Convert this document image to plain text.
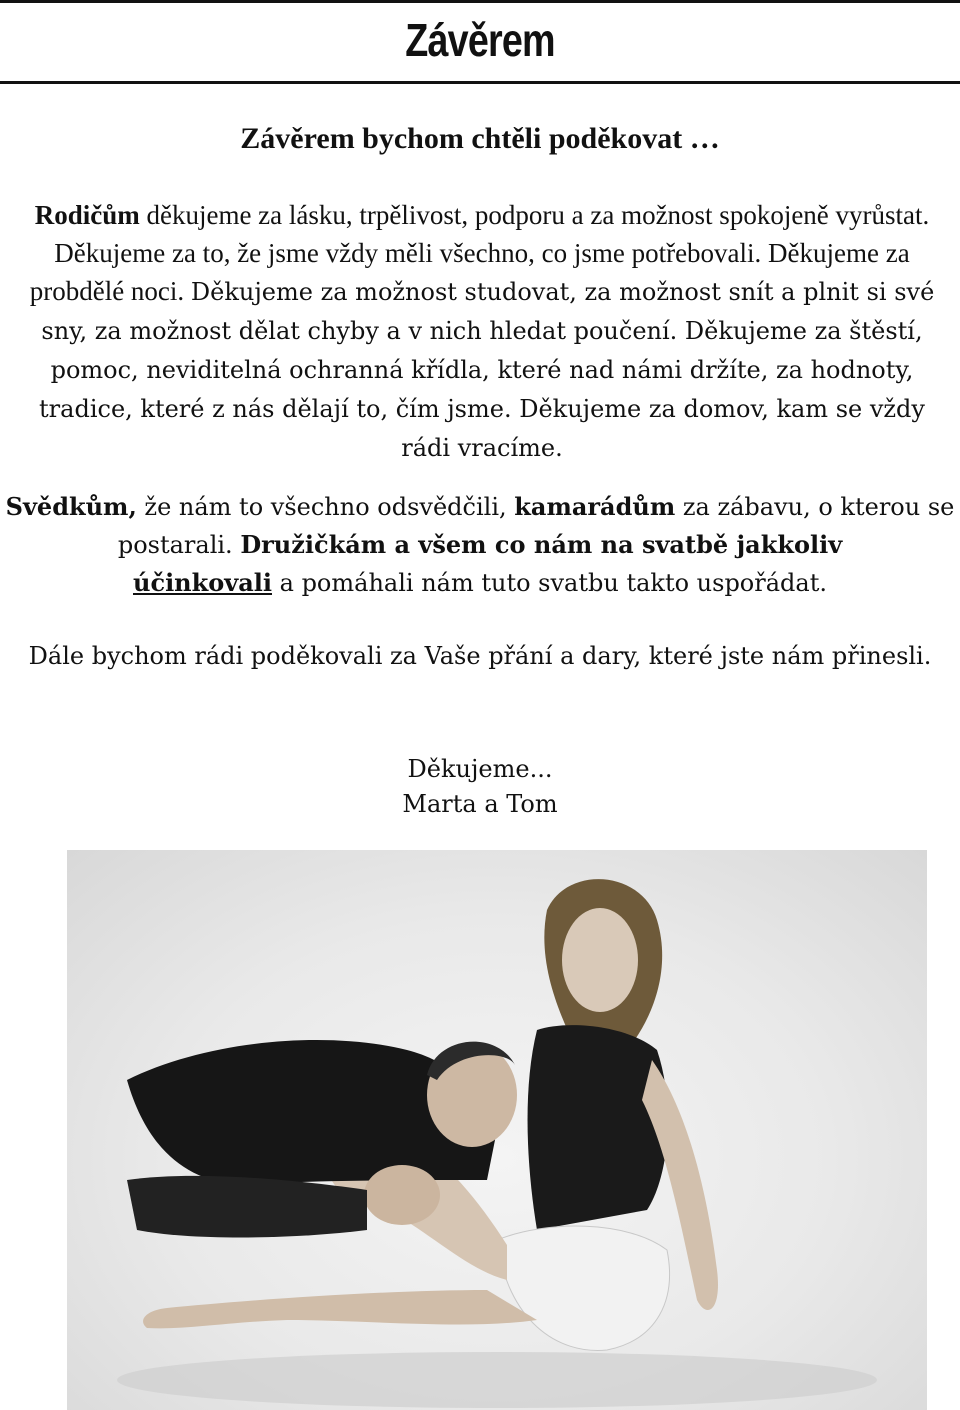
Závěrem
Závěrem bychom chtěli poděkovat …
Rodičům děkujeme za lásku, trpělivost, podporu a za možnost spokojeně vyrůstat. Děkujeme za to, že jsme vždy měli všechno, co jsme potřebovali. Děkujeme za probdělé noci. Děkujeme za možnost studovat, za možnost snít a plnit si své sny, za možnost dělat chyby a v nich hledat poučení. Děkujeme za štěstí, pomoc, neviditelná ochranná křídla, které nad námi držíte, za hodnoty, tradice, které z nás dělají to, čím jsme. Děkujeme za domov, kam se vždy rádi vracíme.
Svědkům, že nám to všechno odsvědčili, kamarádům za zábavu, o kterou se postarali. Družičkám a všem co nám na svatbě jakkoliv
účinkovali a pomáhali nám tuto svatbu takto uspořádat.
Dále bychom rádi poděkovali za Vaše přání a dary, které jste nám přinesli.
Děkujeme...
Marta a Tom
